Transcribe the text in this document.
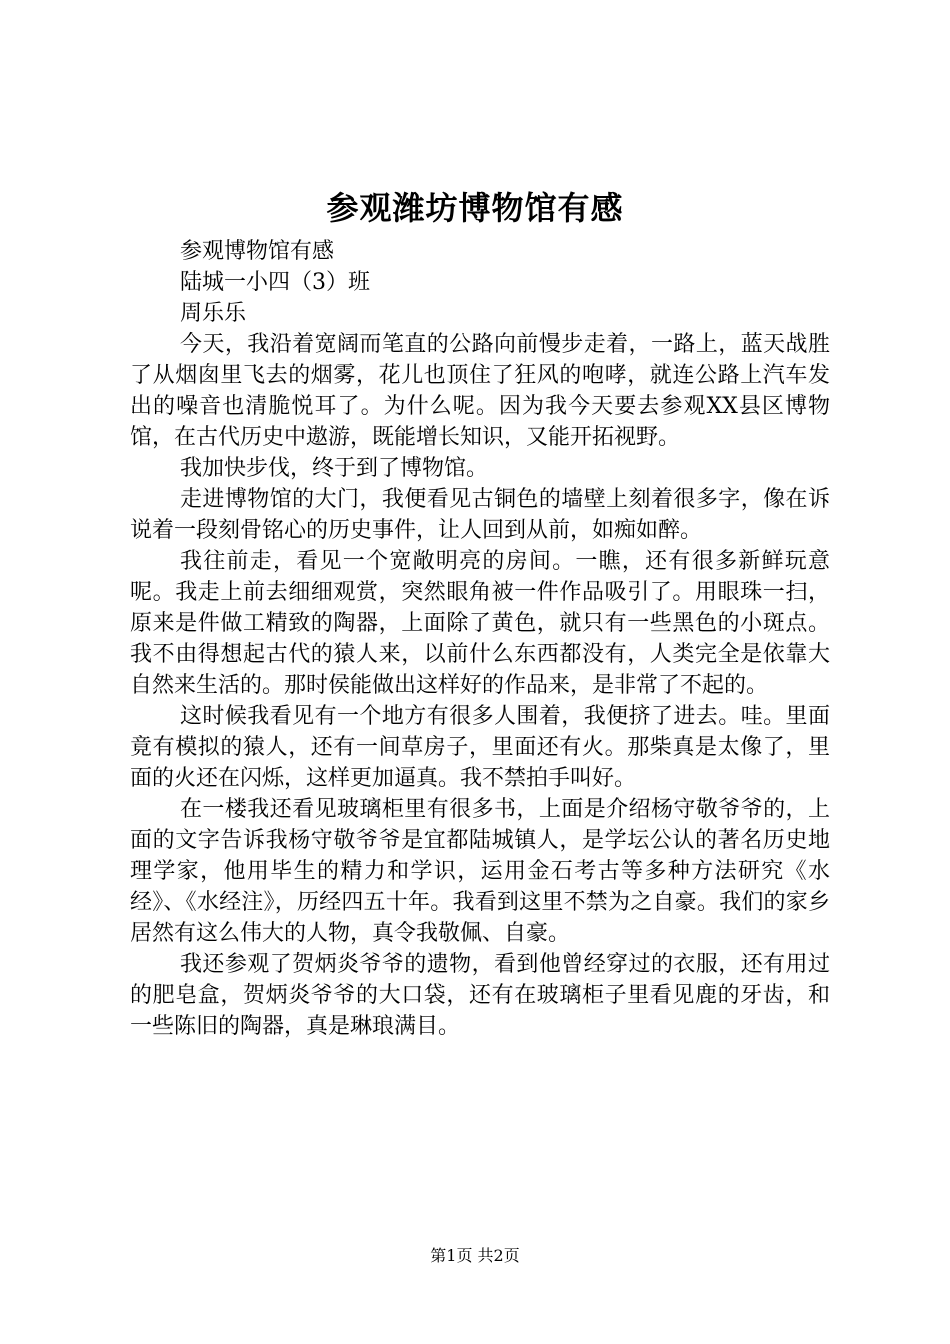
参观潍坊博物馆有感

参观博物馆有感

陆城一小四（3）班

周乐乐

今天，我沿着宽阔而笔直的公路向前慢步走着，一路上，蓝天战胜了从烟囱里飞去的烟雾，花儿也顶住了狂风的咆哮，就连公路上汽车发出的噪音也清脆悦耳了。为什么呢。因为我今天要去参观XX县区博物馆，在古代历史中遨游，既能增长知识，又能开拓视野。

我加快步伐，终于到了博物馆。

走进博物馆的大门，我便看见古铜色的墙壁上刻着很多字，像在诉说着一段刻骨铭心的历史事件，让人回到从前，如痴如醉。

我往前走，看见一个宽敞明亮的房间。一瞧，还有很多新鲜玩意呢。我走上前去细细观赏，突然眼角被一件作品吸引了。用眼珠一扫，原来是件做工精致的陶器，上面除了黄色，就只有一些黑色的小斑点。我不由得想起古代的猿人来，以前什么东西都没有，人类完全是依靠大自然来生活的。那时侯能做出这样好的作品来，是非常了不起的。

这时候我看见有一个地方有很多人围着，我便挤了进去。哇。里面竟有模拟的猿人，还有一间草房子，里面还有火。那柴真是太像了，里面的火还在闪烁，这样更加逼真。我不禁拍手叫好。

在一楼我还看见玻璃柜里有很多书，上面是介绍杨守敬爷爷的，上面的文字告诉我杨守敬爷爷是宜都陆城镇人，是学坛公认的著名历史地理学家，他用毕生的精力和学识，运用金石考古等多种方法研究《水经》、《水经注》，历经四五十年。我看到这里不禁为之自豪。我们的家乡居然有这么伟大的人物，真令我敬佩、自豪。

我还参观了贺炳炎爷爷的遗物，看到他曾经穿过的衣服，还有用过的肥皂盒，贺炳炎爷爷的大口袋，还有在玻璃柜子里看见鹿的牙齿，和一些陈旧的陶器，真是琳琅满目。

第1页 共2页
